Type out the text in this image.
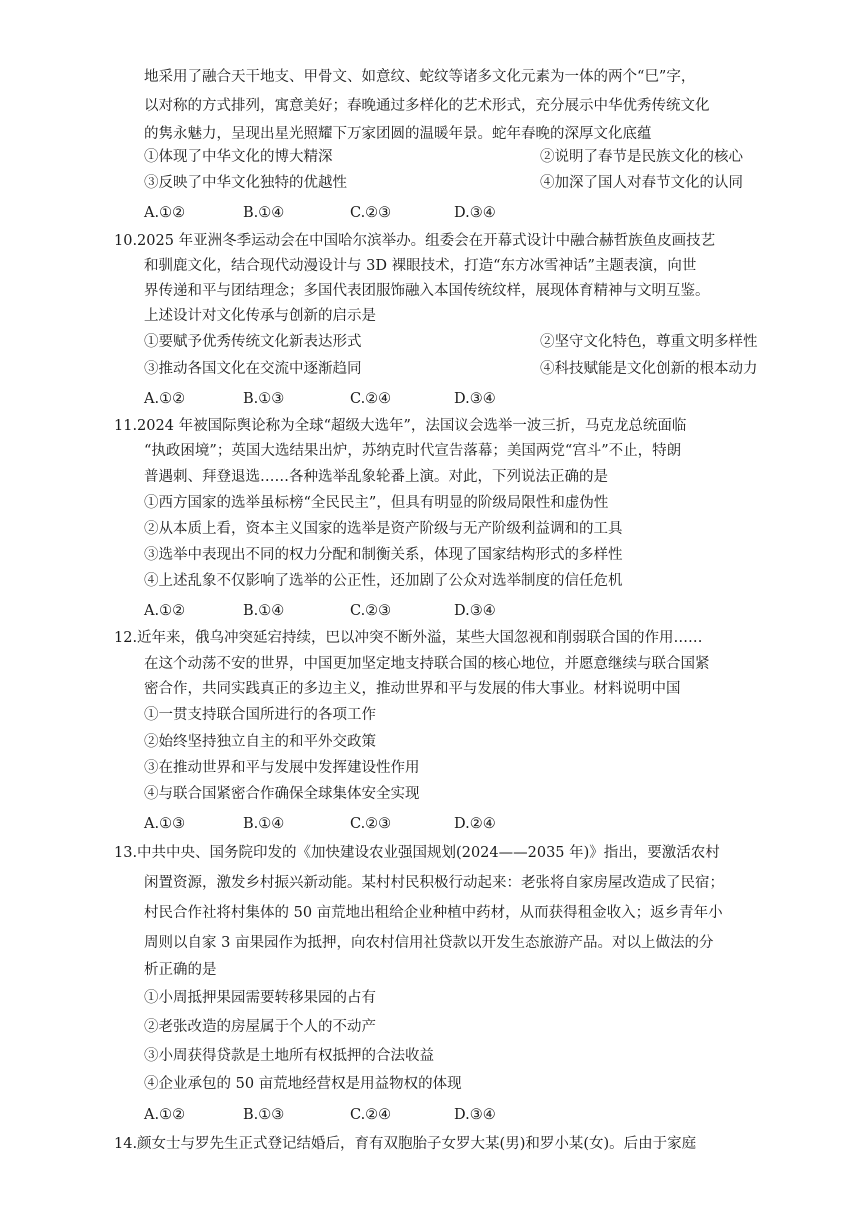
地采用了融合天干地支、甲骨文、如意纹、蛇纹等诸多文化元素为一体的两个“巳”字，
以对称的方式排列，寓意美好；春晚通过多样化的艺术形式，充分展示中华优秀传统文化
的隽永魅力，呈现出星光照耀下万家团圆的温暖年景。蛇年春晚的深厚文化底蕴
①体现了中华文化的博大精深	②说明了春节是民族文化的核心
③反映了中华文化独特的优越性	④加深了国人对春节文化的认同
A.①②	B.①④	C.②③	D.③④
10.2025 年亚洲冬季运动会在中国哈尔滨举办。组委会在开幕式设计中融合赫哲族鱼皮画技艺
和驯鹿文化，结合现代动漫设计与 3D 裸眼技术，打造“东方冰雪神话”主题表演，向世
界传递和平与团结理念；多国代表团服饰融入本国传统纹样，展现体育精神与文明互鉴。
上述设计对文化传承与创新的启示是
①要赋予优秀传统文化新表达形式	②坚守文化特色，尊重文明多样性
③推动各国文化在交流中逐渐趋同	④科技赋能是文化创新的根本动力
A.①②	B.①③	C.②④	D.③④
11.2024 年被国际舆论称为全球“超级大选年”，法国议会选举一波三折，马克龙总统面临
“执政困境”；英国大选结果出炉，苏纳克时代宣告落幕；美国两党“宫斗”不止，特朗
普遇刺、拜登退选……各种选举乱象轮番上演。对此，下列说法正确的是
①西方国家的选举虽标榜“全民民主”，但具有明显的阶级局限性和虚伪性
②从本质上看，资本主义国家的选举是资产阶级与无产阶级利益调和的工具
③选举中表现出不同的权力分配和制衡关系，体现了国家结构形式的多样性
④上述乱象不仅影响了选举的公正性，还加剧了公众对选举制度的信任危机
A.①②	B.①④	C.②③	D.③④
12.近年来，俄乌冲突延宕持续，巴以冲突不断外溢，某些大国忽视和削弱联合国的作用……
在这个动荡不安的世界，中国更加坚定地支持联合国的核心地位，并愿意继续与联合国紧
密合作，共同实践真正的多边主义，推动世界和平与发展的伟大事业。材料说明中国
①一贯支持联合国所进行的各项工作
②始终坚持独立自主的和平外交政策
③在推动世界和平与发展中发挥建设性作用
④与联合国紧密合作确保全球集体安全实现
A.①③	B.①④	C.②③	D.②④
13.中共中央、国务院印发的《加快建设农业强国规划(2024——2035 年)》指出，要激活农村
闲置资源，激发乡村振兴新动能。某村村民积极行动起来：老张将自家房屋改造成了民宿；
村民合作社将村集体的 50 亩荒地出租给企业种植中药材，从而获得租金收入；返乡青年小
周则以自家 3 亩果园作为抵押，向农村信用社贷款以开发生态旅游产品。对以上做法的分
析正确的是
①小周抵押果园需要转移果园的占有
②老张改造的房屋属于个人的不动产
③小周获得贷款是土地所有权抵押的合法收益
④企业承包的 50 亩荒地经营权是用益物权的体现
A.①②	B.①③	C.②④	D.③④
14.颜女士与罗先生正式登记结婚后，育有双胞胎子女罗大某(男)和罗小某(女)。后由于家庭
